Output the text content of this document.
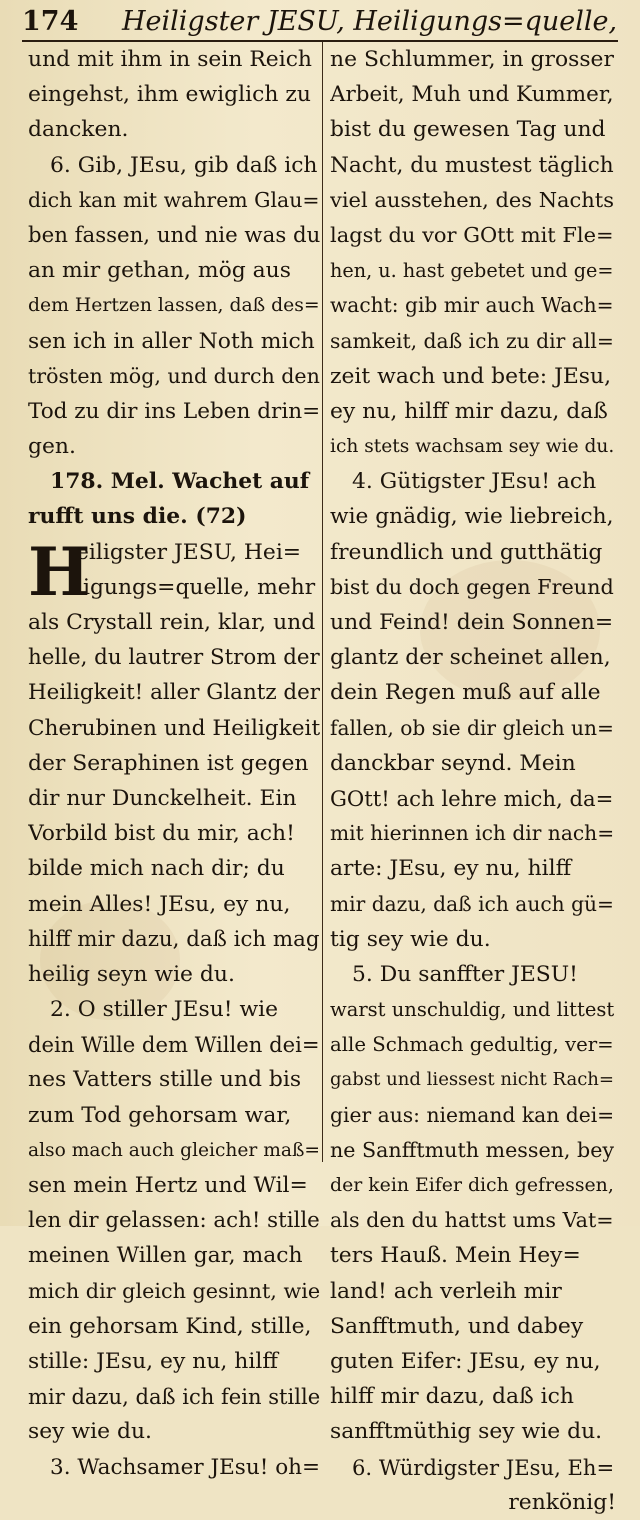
174 Heiligster JESU, Heiligungs=quelle,
und mit ihm in sein Reich
eingehst, ihm ewiglich zu
dancken.
6. Gib, JEsu, gib daß ich
dich kan mit wahrem Glau=
ben fassen, und nie was du
an mir gethan, mög aus
dem Hertzen lassen, daß des=
sen ich in aller Noth mich
trösten mög, und durch den
Tod zu dir ins Leben drin=
gen.
178. Mel. Wachet auf
rufft uns die. (72)
H
eiligster JESU, Hei=
ligungs=quelle, mehr
als Crystall rein, klar, und
helle, du lautrer Strom der
Heiligkeit! aller Glantz der
Cherubinen und Heiligkeit
der Seraphinen ist gegen
dir nur Dunckelheit. Ein
Vorbild bist du mir, ach!
bilde mich nach dir; du
mein Alles! JEsu, ey nu,
hilff mir dazu, daß ich mag
heilig seyn wie du.
2. O stiller JEsu! wie
dein Wille dem Willen dei=
nes Vatters stille und bis
zum Tod gehorsam war,
also mach auch gleicher maß=
sen mein Hertz und Wil=
len dir gelassen: ach! stille
meinen Willen gar, mach
mich dir gleich gesinnt, wie
ein gehorsam Kind, stille,
stille: JEsu, ey nu, hilff
mir dazu, daß ich fein stille
sey wie du.
3. Wachsamer JEsu! oh=
ne Schlummer, in grosser
Arbeit, Muh und Kummer,
bist du gewesen Tag und
Nacht, du mustest täglich
viel ausstehen, des Nachts
lagst du vor GOtt mit Fle=
hen, u. hast gebetet und ge=
wacht: gib mir auch Wach=
samkeit, daß ich zu dir all=
zeit wach und bete: JEsu,
ey nu, hilff mir dazu, daß
ich stets wachsam sey wie du.
4. Gütigster JEsu! ach
wie gnädig, wie liebreich,
freundlich und gutthätig
bist du doch gegen Freund
und Feind! dein Sonnen=
glantz der scheinet allen,
dein Regen muß auf alle
fallen, ob sie dir gleich un=
danckbar seynd. Mein
GOtt! ach lehre mich, da=
mit hierinnen ich dir nach=
arte: JEsu, ey nu, hilff
mir dazu, daß ich auch gü=
tig sey wie du.
5. Du sanffter JESU!
warst unschuldig, und littest
alle Schmach gedultig, ver=
gabst und liessest nicht Rach=
gier aus: niemand kan dei=
ne Sanfftmuth messen, bey
der kein Eifer dich gefressen,
als den du hattst ums Vat=
ters Hauß. Mein Hey=
land! ach verleih mir
Sanfftmuth, und dabey
guten Eifer: JEsu, ey nu,
hilff mir dazu, daß ich
sanfftmüthig sey wie du.
6. Würdigster JEsu, Eh=
renkönig!
